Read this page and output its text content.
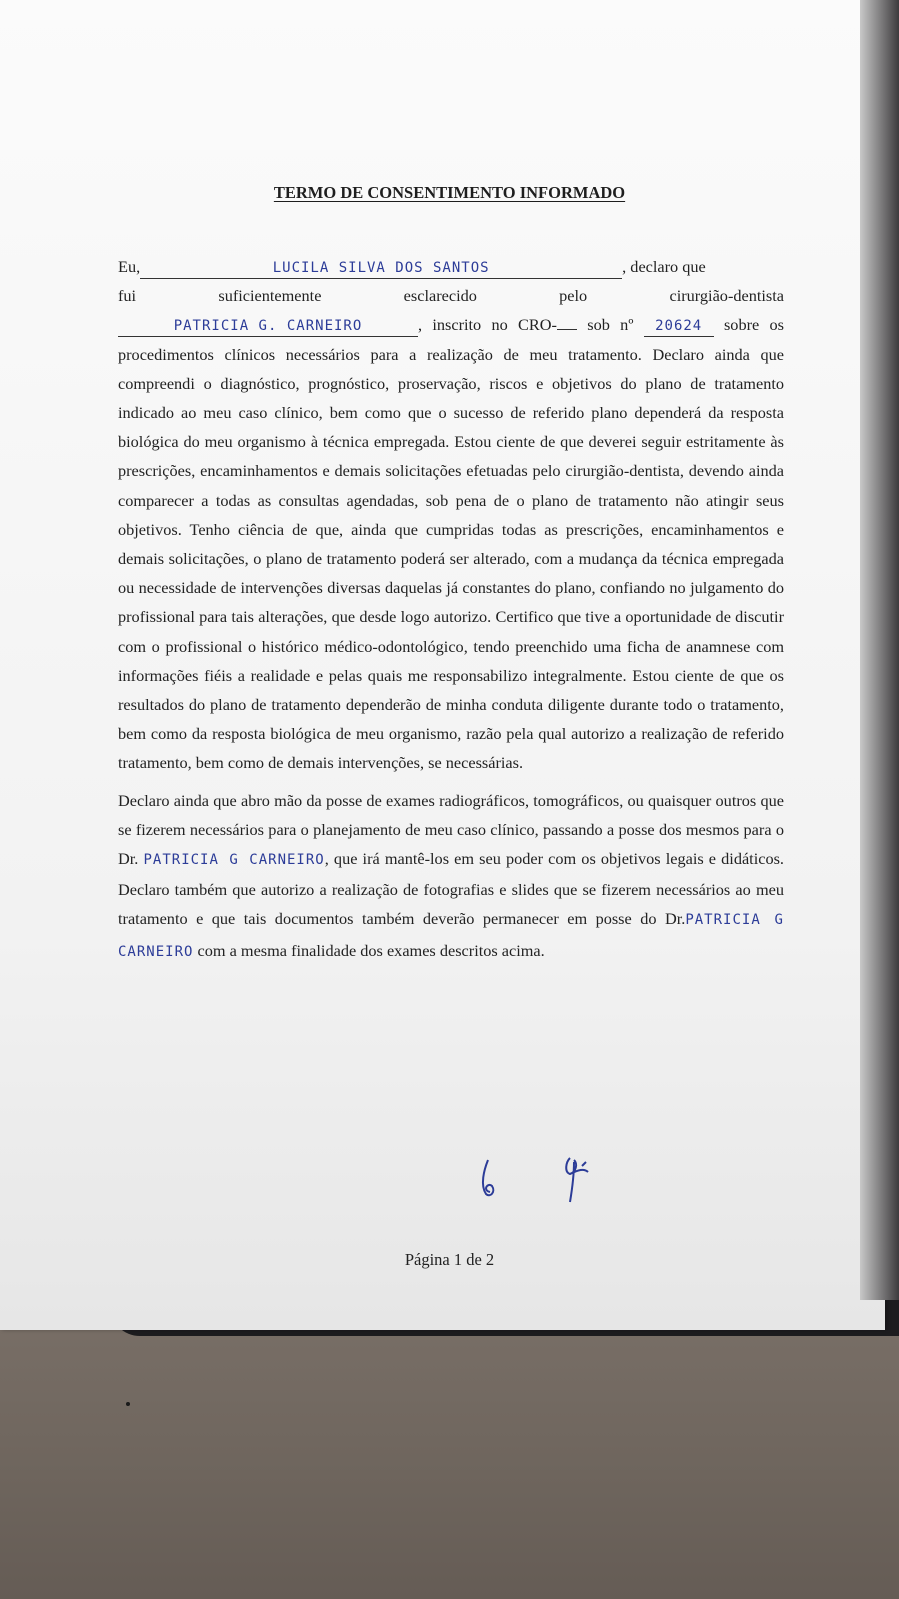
TERMO DE CONSENTIMENTO INFORMADO

Eu,	LUCILA SILVA DOS SANTOS	, declaro que
fui suficientemente esclarecido pelo cirurgião-dentista
PATRICIA G. CARNEIRO	, inscrito no CRO- sob nº 20624 sobre os procedimentos clínicos necessários para a realização de meu tratamento. Declaro ainda que compreendi o diagnóstico, prognóstico, proservação, riscos e objetivos do plano de tratamento indicado ao meu caso clínico, bem como que o sucesso de referido plano dependerá da resposta biológica do meu organismo à técnica empregada. Estou ciente de que deverei seguir estritamente às prescrições, encaminhamentos e demais solicitações efetuadas pelo cirurgião-dentista, devendo ainda comparecer a todas as consultas agendadas, sob pena de o plano de tratamento não atingir seus objetivos. Tenho ciência de que, ainda que cumpridas todas as prescrições, encaminhamentos e demais solicitações, o plano de tratamento poderá ser alterado, com a mudança da técnica empregada ou necessidade de intervenções diversas daquelas já constantes do plano, confiando no julgamento do profissional para tais alterações, que desde logo autorizo. Certifico que tive a oportunidade de discutir com o profissional o histórico médico-odontológico, tendo preenchido uma ficha de anamnese com informações fiéis a realidade e pelas quais me responsabilizo integralmente. Estou ciente de que os resultados do plano de tratamento dependerão de minha conduta diligente durante todo o tratamento, bem como da resposta biológica de meu organismo, razão pela qual autorizo a realização de referido tratamento, bem como de demais intervenções, se necessárias.

Declaro ainda que abro mão da posse de exames radiográficos, tomográficos, ou quaisquer outros que se fizerem necessários para o planejamento de meu caso clínico, passando a posse dos mesmos para o Dr. PATRICIA G CARNEIRO, que irá mantê-los em seu poder com os objetivos legais e didáticos. Declaro também que autorizo a realização de fotografias e slides que se fizerem necessários ao meu tratamento e que tais documentos também deverão permanecer em posse do Dr.PATRICIA G CARNEIRO com a mesma finalidade dos exames descritos acima.

Página 1 de 2
